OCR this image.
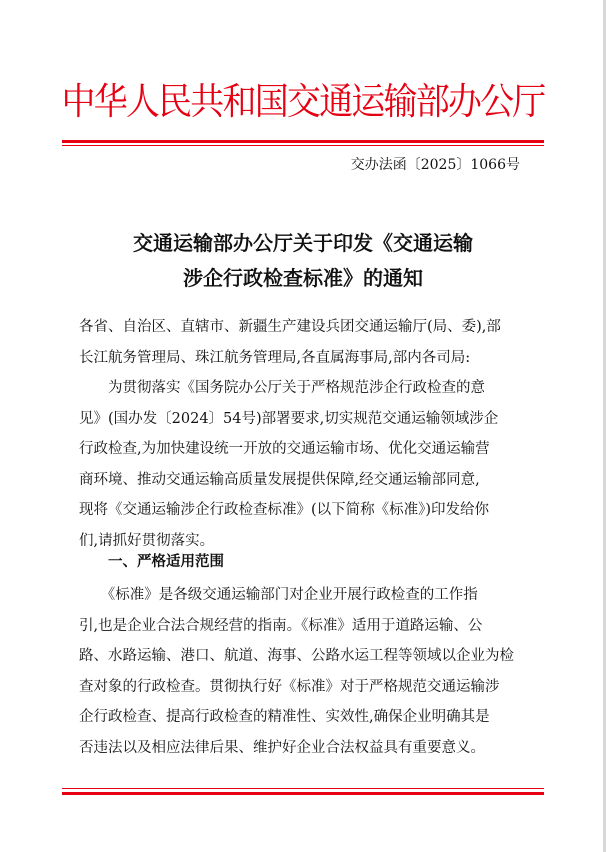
中华人民共和国交通运输部办公厅
交办法函〔2025〕1066号
交通运输部办公厅关于印发《交通运输
涉企行政检查标准》的通知
各省、自治区、直辖市、新疆生产建设兵团交通运输厅(局、委),部
长江航务管理局、珠江航务管理局,各直属海事局,部内各司局:
　　为贯彻落实《国务院办公厅关于严格规范涉企行政检查的意
见》(国办发〔2024〕54号)部署要求,切实规范交通运输领域涉企
行政检查,为加快建设统一开放的交通运输市场、优化交通运输营
商环境、推动交通运输高质量发展提供保障,经交通运输部同意,
现将《交通运输涉企行政检查标准》(以下简称《标准》)印发给你
们,请抓好贯彻落实。
一、严格适用范围
　　《标准》是各级交通运输部门对企业开展行政检查的工作指
引,也是企业合法合规经营的指南。《标准》适用于道路运输、公
路、水路运输、港口、航道、海事、公路水运工程等领域以企业为检
查对象的行政检查。贯彻执行好《标准》对于严格规范交通运输涉
企行政检查、提高行政检查的精准性、实效性,确保企业明确其是
否违法以及相应法律后果、维护好企业合法权益具有重要意义。
